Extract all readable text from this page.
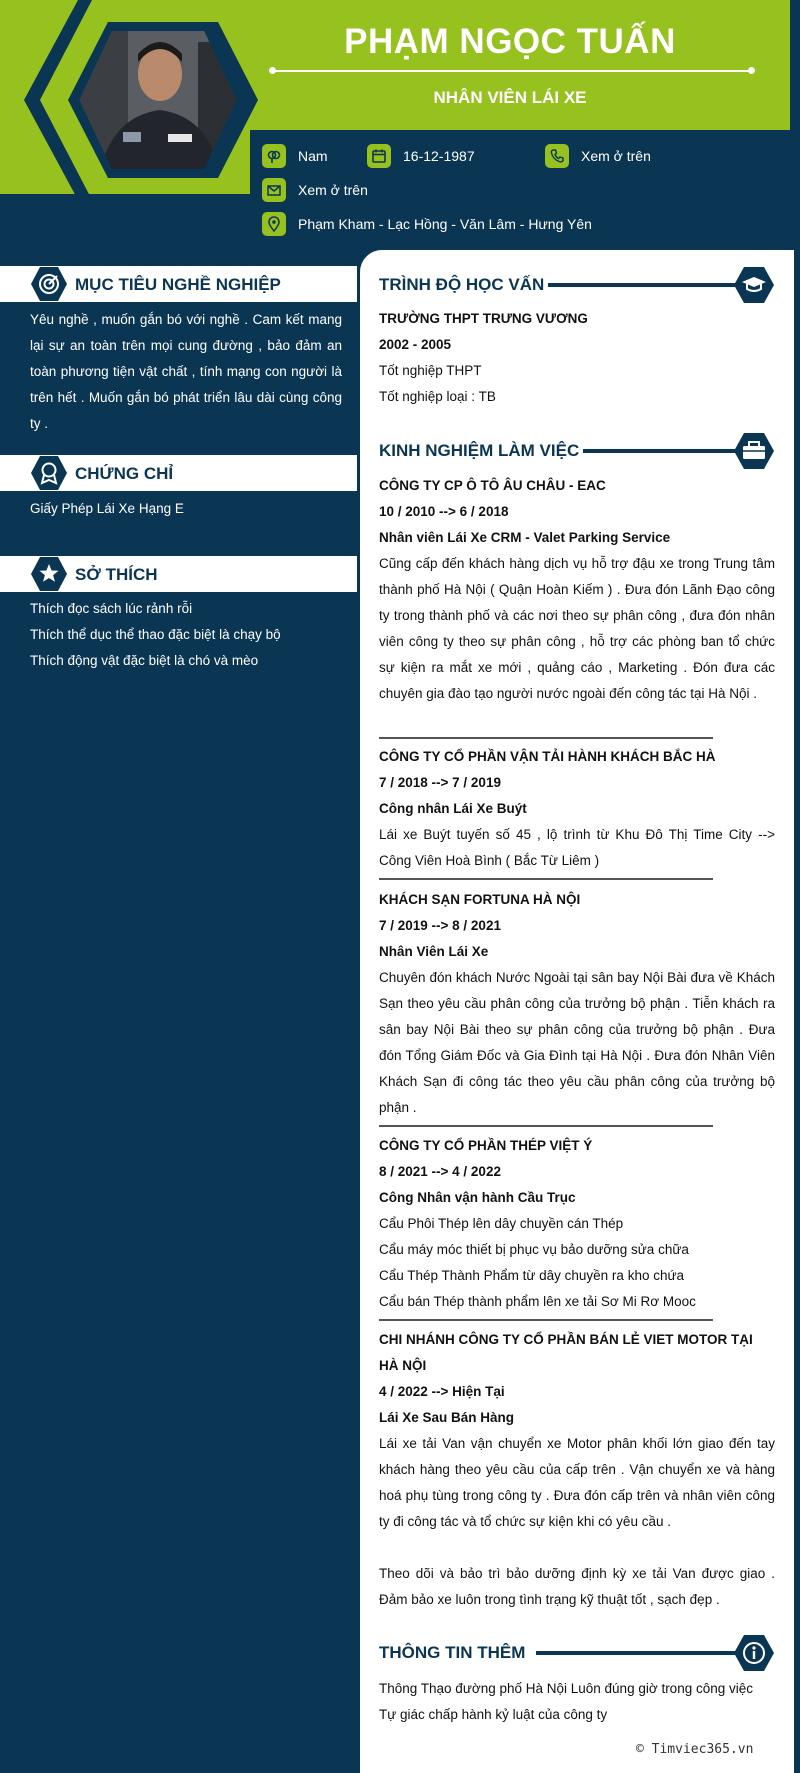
PHẠM NGỌC TUẤN
NHÂN VIÊN LÁI XE
Nam	16-12-1987	Xem ở trên
Xem ở trên
Phạm Kham - Lạc Hồng - Văn Lâm - Hưng Yên
MỤC TIÊU NGHỀ NGHIỆP
Yêu nghề , muốn gắn bó với nghề . Cam kết mang lại sự an toàn trên mọi cung đường , bảo đảm an toàn phương tiện vật chất , tính mạng con người là trên hết . Muốn gắn bó phát triển lâu dài cùng công ty .
CHỨNG CHỈ
Giấy Phép Lái Xe Hạng E
SỞ THÍCH
Thích đọc sách lúc rảnh rỗi
Thích thể dục thể thao đặc biệt là chạy bộ
Thích động vật đặc biệt là chó và mèo
TRÌNH ĐỘ HỌC VẤN
TRƯỜNG THPT TRƯNG VƯƠNG
2002 - 2005
Tốt nghiệp THPT
Tốt nghiệp loại : TB
KINH NGHIỆM LÀM VIỆC
CÔNG TY CP Ô TÔ ÂU CHÂU - EAC
10 / 2010 --> 6 / 2018
Nhân viên Lái Xe CRM - Valet Parking Service
Cũng cấp đến khách hàng dịch vụ hỗ trợ đậu xe trong Trung tâm thành phố Hà Nội ( Quận Hoàn Kiếm ) . Đưa đón Lãnh Đạo công ty trong thành phố và các nơi theo sự phân công , đưa đón nhân viên công ty theo sự phân công , hỗ trợ các phòng ban tổ chức sự kiện ra mắt xe mới , quảng cáo , Marketing . Đón đưa các chuyên gia đào tạo người nước ngoài đến công tác tại Hà Nội .
CÔNG TY CỔ PHẦN VẬN TẢI HÀNH KHÁCH BẮC HÀ
7 / 2018 --> 7 / 2019
Công nhân Lái Xe Buýt
Lái xe Buýt tuyến số 45 , lộ trình từ Khu Đô Thị Time City --> Công Viên Hoà Bình ( Bắc Từ Liêm )
KHÁCH SẠN FORTUNA HÀ NỘI
7 / 2019 --> 8 / 2021
Nhân Viên Lái Xe
Chuyên đón khách Nước Ngoài tại sân bay Nội Bài đưa về Khách Sạn theo yêu cầu phân công của trưởng bộ phận . Tiễn khách ra sân bay Nội Bài theo sự phân công của trưởng bộ phận . Đưa đón Tổng Giám Đốc và Gia Đình tại Hà Nội . Đưa đón Nhân Viên Khách Sạn đi công tác theo yêu cầu phân công của trưởng bộ phận .
CÔNG TY CỔ PHẦN THÉP VIỆT Ý
8 / 2021 --> 4 / 2022
Công Nhân vận hành Cầu Trục
Cẩu Phôi Thép lên dây chuyền cán Thép
Cẩu máy móc thiết bị phục vụ bảo dưỡng sửa chữa
Cẩu Thép Thành Phẩm từ dây chuyền ra kho chứa
Cẩu bán Thép thành phẩm lên xe tải Sơ Mi Rơ Mooc
CHI NHÁNH CÔNG TY CỔ PHẦN BÁN LẺ VIET MOTOR TẠI HÀ NỘI
4 / 2022 --> Hiện Tại
Lái Xe Sau Bán Hàng
Lái xe tải Van vận chuyển xe Motor phân khối lớn giao đến tay khách hàng theo yêu cầu của cấp trên . Vận chuyển xe và hàng hoá phụ tùng trong công ty . Đưa đón cấp trên và nhân viên công ty đi công tác và tổ chức sự kiện khi có yêu cầu .
Theo dõi và bảo trì bảo dưỡng định kỳ xe tải Van được giao . Đảm bảo xe luôn trong tình trạng kỹ thuật tốt , sạch đẹp .
THÔNG TIN THÊM
Thông Thạo đường phố Hà Nội Luôn đúng giờ trong công việc
Tự giác chấp hành kỷ luật của công ty
© Timviec365.vn
